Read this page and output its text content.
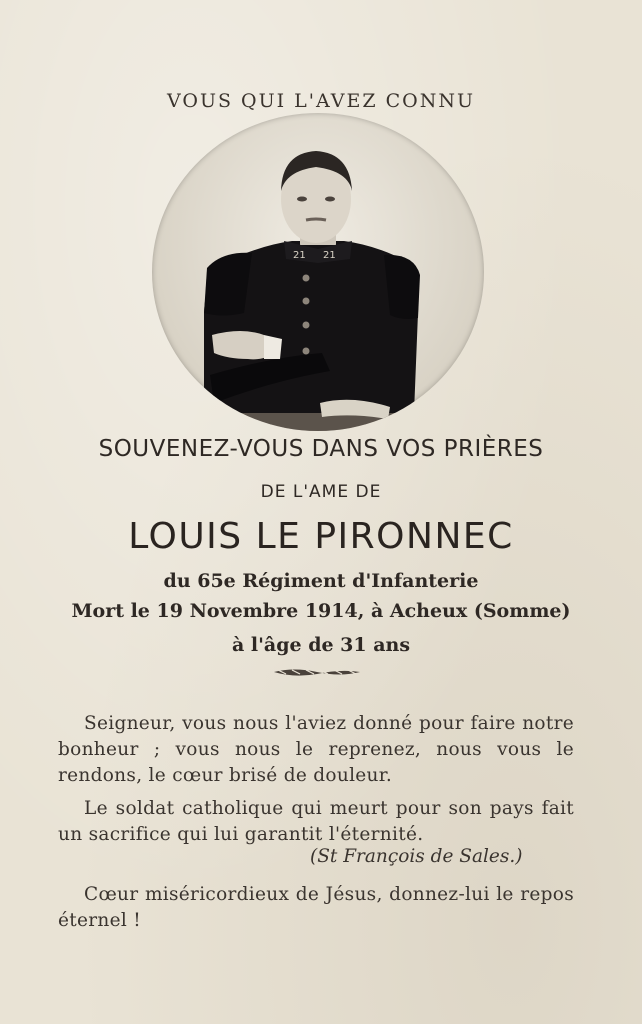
VOUS QUI L'AVEZ CONNU
21 21
SOUVENEZ-VOUS DANS VOS PRIÈRES
DE L'AME DE
LOUIS LE PIRONNEC
du 65e Régiment d'Infanterie
Mort le 19 Novembre 1914, à Acheux (Somme)
à l'âge de 31 ans
Seigneur, vous nous l'aviez donné pour faire notre bonheur ; vous nous le reprenez, nous vous le rendons, le cœur brisé de douleur.
Le soldat catholique qui meurt pour son pays fait un sacrifice qui lui garantit l'éternité.
(St François de Sales.)
Cœur miséricordieux de Jésus, donnez-lui le repos éternel !
